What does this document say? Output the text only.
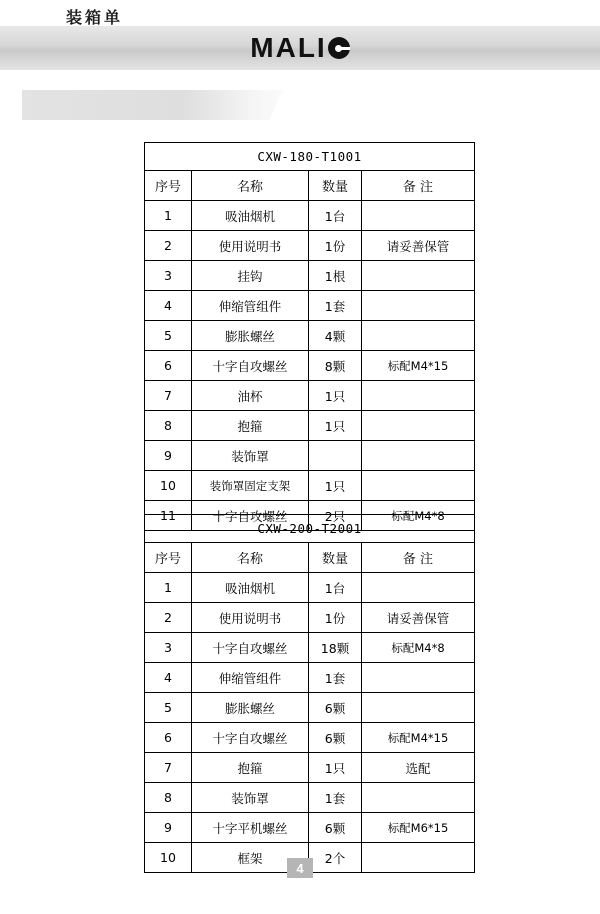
MALI
装箱单
CXW-180-T1001			
序号	名称	数量	备 注
1	吸油烟机	1台	
2	使用说明书	1份	请妥善保管
3	挂钩	1根	
4	伸缩管组件	1套	
5	膨胀螺丝	4颗	
6	十字自攻螺丝	8颗	标配M4*15
7	油杯	1只	
8	抱箍	1只	
9	装饰罩		
10	装饰罩固定支架	1只	
11	十字自攻螺丝	2只	标配M4*8
CXW-200-T2001			
序号	名称	数量	备 注
1	吸油烟机	1台	
2	使用说明书	1份	请妥善保管
3	十字自攻螺丝	18颗	标配M4*8
4	伸缩管组件	1套	
5	膨胀螺丝	6颗	
6	十字自攻螺丝	6颗	标配M4*15
7	抱箍	1只	选配
8	装饰罩	1套	
9	十字平机螺丝	6颗	标配M6*15
10	框架	2个	
4
